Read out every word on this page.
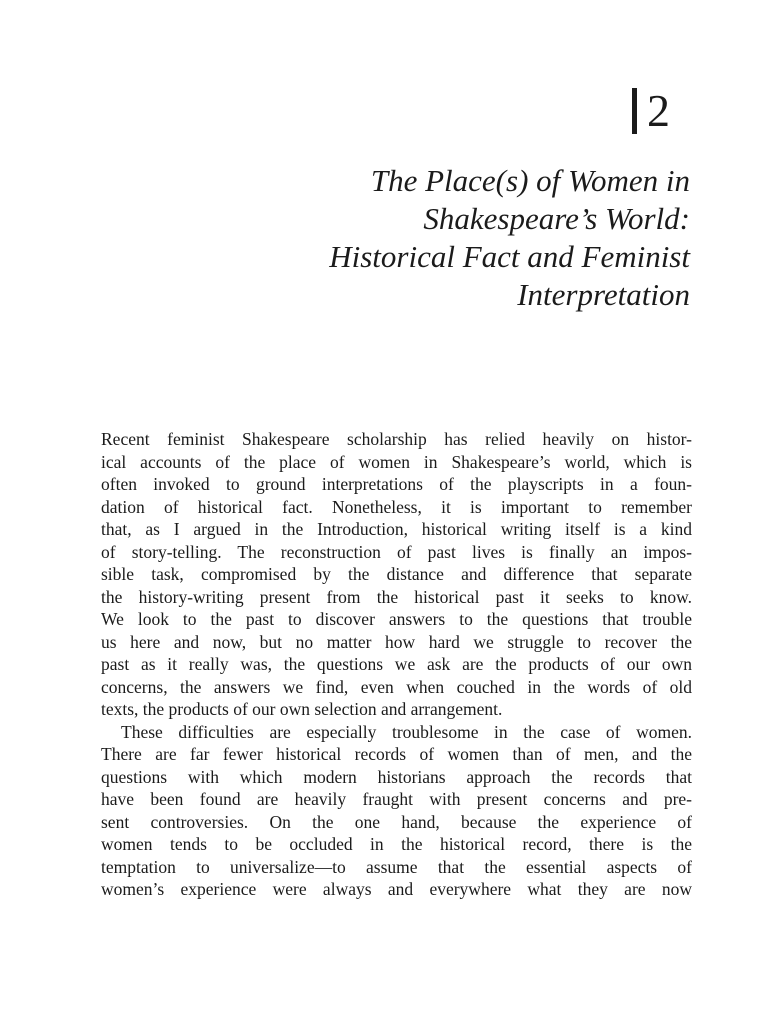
2
The Place(s) of Women in
Shakespeare’s World:
Historical Fact and Feminist
Interpretation
Recent feminist Shakespeare scholarship has relied heavily on histor-
ical accounts of the place of women in Shakespeare’s world, which is
often invoked to ground interpretations of the playscripts in a foun-
dation of historical fact. Nonetheless, it is important to remember
that, as I argued in the Introduction, historical writing itself is a kind
of story-telling. The reconstruction of past lives is finally an impos-
sible task, compromised by the distance and difference that separate
the history-writing present from the historical past it seeks to know.
We look to the past to discover answers to the questions that trouble
us here and now, but no matter how hard we struggle to recover the
past as it really was, the questions we ask are the products of our own
concerns, the answers we find, even when couched in the words of old
texts, the products of our own selection and arrangement.
These difficulties are especially troublesome in the case of women.
There are far fewer historical records of women than of men, and the
questions with which modern historians approach the records that
have been found are heavily fraught with present concerns and pre-
sent controversies. On the one hand, because the experience of
women tends to be occluded in the historical record, there is the
temptation to universalize—to assume that the essential aspects of
women’s experience were always and everywhere what they are now
